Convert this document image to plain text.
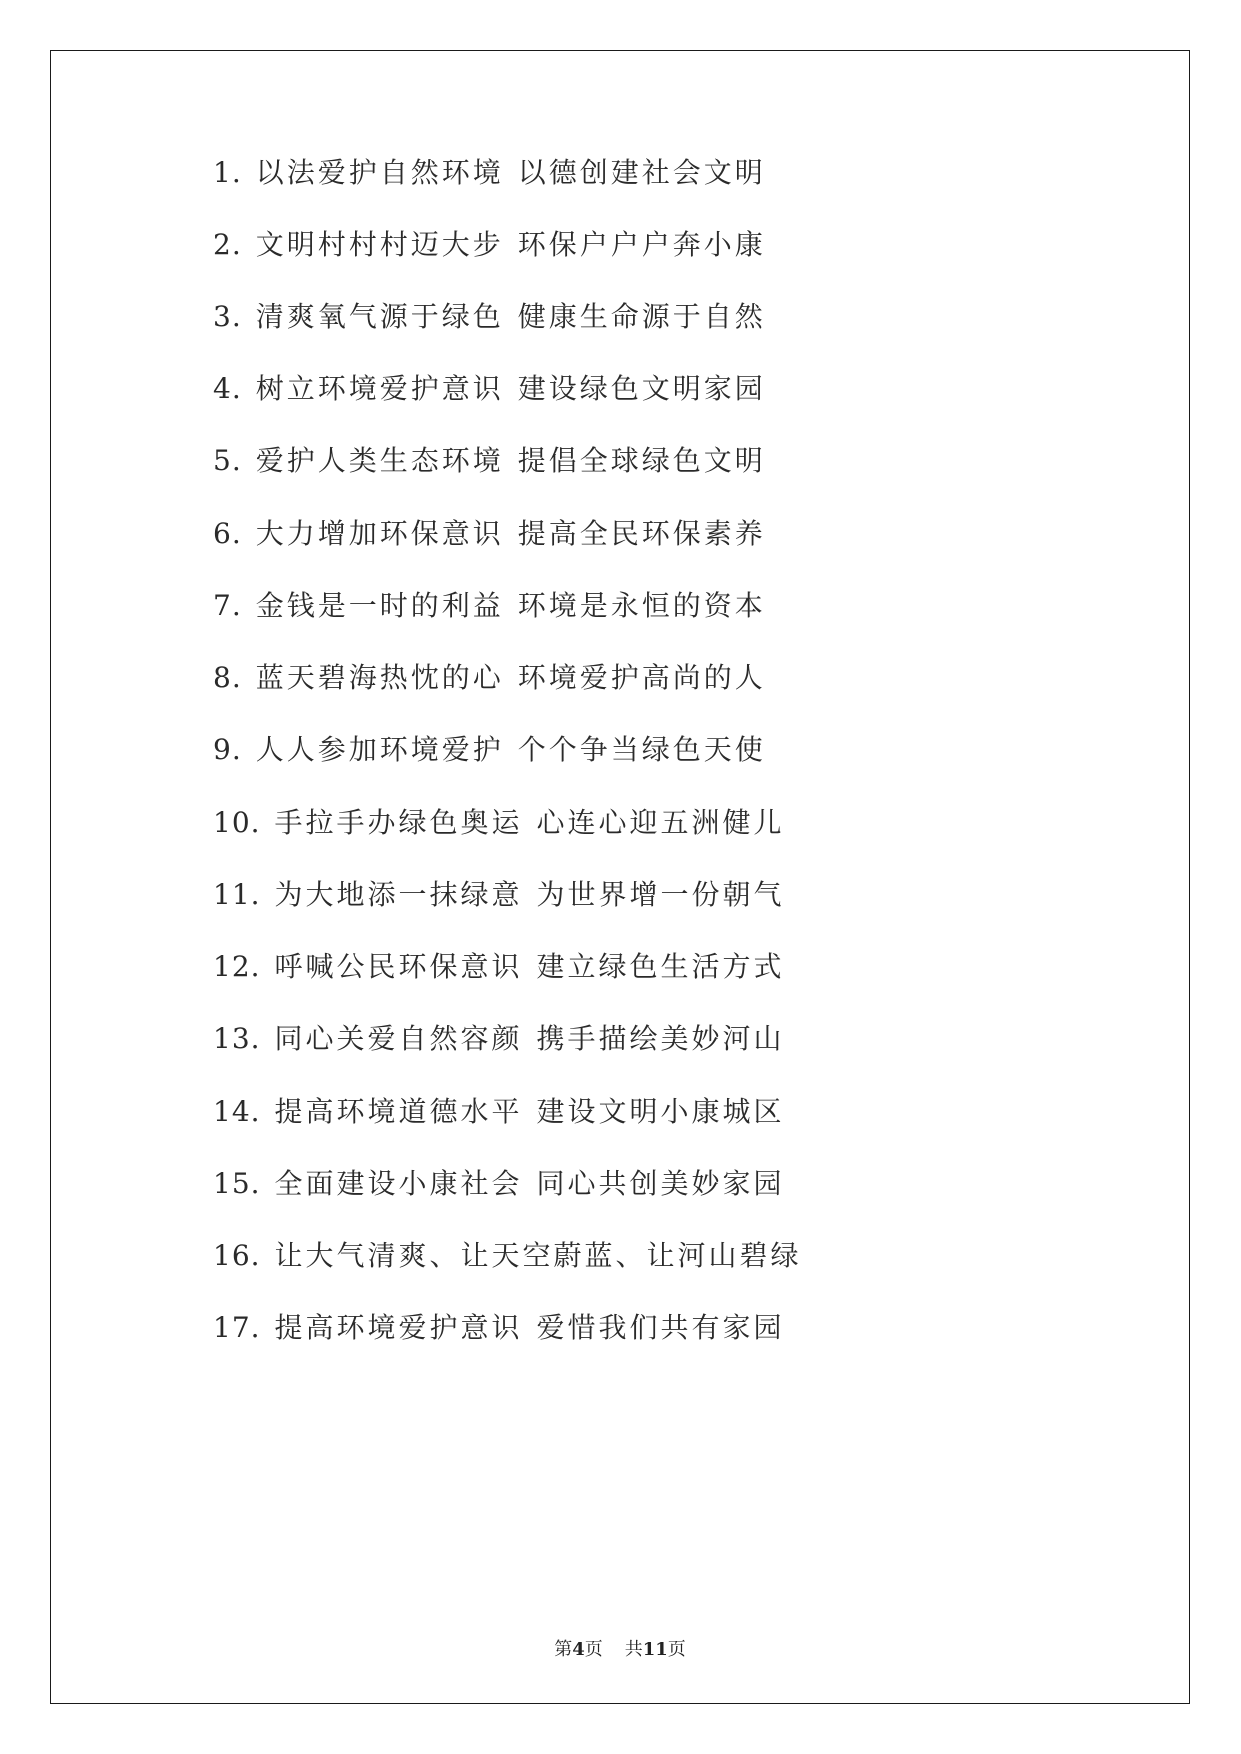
1. 以法爱护自然环境 以德创建社会文明
2. 文明村村村迈大步 环保户户户奔小康
3. 清爽氧气源于绿色 健康生命源于自然
4. 树立环境爱护意识 建设绿色文明家园
5. 爱护人类生态环境 提倡全球绿色文明
6. 大力增加环保意识 提高全民环保素养
7. 金钱是一时的利益 环境是永恒的资本
8. 蓝天碧海热忱的心 环境爱护高尚的人
9. 人人参加环境爱护 个个争当绿色天使
10. 手拉手办绿色奥运 心连心迎五洲健儿
11. 为大地添一抹绿意 为世界增一份朝气
12. 呼喊公民环保意识 建立绿色生活方式
13. 同心关爱自然容颜 携手描绘美妙河山
14. 提高环境道德水平 建设文明小康城区
15. 全面建设小康社会 同心共创美妙家园
16. 让大气清爽、让天空蔚蓝、让河山碧绿
17. 提高环境爱护意识 爱惜我们共有家园
第4页 共11页
